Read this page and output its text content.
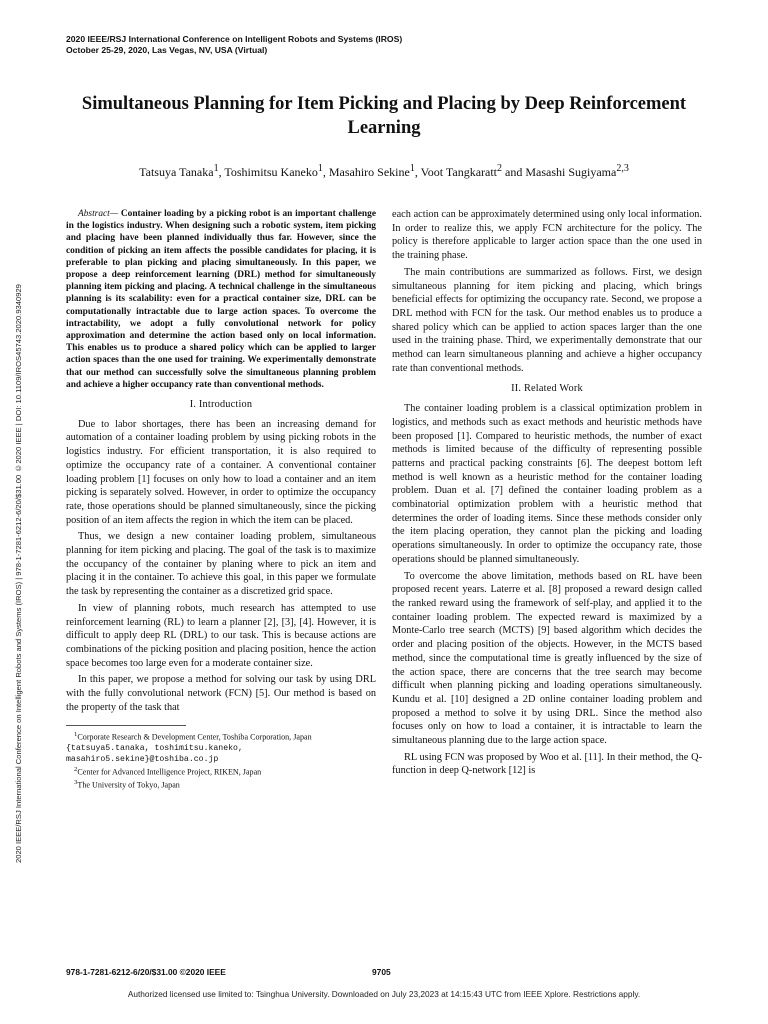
2020 IEEE/RSJ International Conference on Intelligent Robots and Systems (IROS)
October 25-29, 2020, Las Vegas, NV, USA (Virtual)
2020 IEEE/RSJ International Conference on Intelligent Robots and Systems (IROS) | 978-1-7281-6212-6/20/$31.00 ©2020 IEEE | DOI: 10.1109/IROS45743.2020.9340929
Simultaneous Planning for Item Picking and Placing by Deep Reinforcement Learning
Tatsuya Tanaka$^1$, Toshimitsu Kaneko$^1$, Masahiro Sekine$^1$, Voot Tangkaratt$^2$ and Masashi Sugiyama$^{2,3}$

Abstract— Container loading by a picking robot is an important challenge in the logistics industry. When designing such a robotic system, item picking and placing have been planned individually thus far. However, since the condition of picking an item affects the possible candidates for placing, it is preferable to plan picking and placing simultaneously. In this paper, we propose a deep reinforcement learning (DRL) method for simultaneously planning item picking and placing. A technical challenge in the simultaneous planning is its scalability: even for a practical container size, DRL can be computationally intractable due to large action spaces. To overcome the intractability, we adopt a fully convolutional network for policy approximation and determine the action based only on local information. This enables us to produce a shared policy which can be applied to larger action spaces than the one used for training. We experimentally demonstrate that our method can successfully solve the simultaneous planning problem and achieve a higher occupancy rate than conventional methods.

I. Introduction

Due to labor shortages, there has been an increasing demand for automation of a container loading problem by using picking robots in the logistics industry. For efficient transportation, it is also required to optimize the occupancy rate of a container. A conventional container loading problem [1] focuses on only how to load a container and an item picking is separately solved. However, in order to optimize the occupancy rate, those operations should be planned simultaneously, since the picking position of an item affects the region in which the item can be placed.

Thus, we design a new container loading problem, simultaneous planning for item picking and placing. The goal of the task is to maximize the occupancy of the container by planing where to pick an item and placing it in the container. To achieve this goal, in this paper we formulate the task by representing the container as a discretized grid space.

In view of planning robots, much research has attempted to use reinforcement learning (RL) to learn a planner [2], [3], [4]. However, it is difficult to apply deep RL (DRL) to our task. This is because actions are combinations of the picking position and placing position, hence the action space becomes too large even for a moderate container size.

In this paper, we propose a method for solving our task by using DRL with the fully convolutional network (FCN) [5]. Our method is based on the property of the task that

$^1$Corporate Research & Development Center, Toshiba Corporation, Japan {tatsuya5.tanaka, toshimitsu.kaneko, masahiro5.sekine}@toshiba.co.jp
$^2$Center for Advanced Intelligence Project, RIKEN, Japan
$^3$The University of Tokyo, Japan

each action can be approximately determined using only local information. In order to realize this, we apply FCN architecture for the policy. The policy is therefore applicable to larger action space than the one used in the training phase.

The main contributions are summarized as follows. First, we design simultaneous planning for item picking and placing, which brings beneficial effects for optimizing the occupancy rate. Second, we propose a DRL method with FCN for the task. Our method enables us to produce a shared policy which can be applied to action spaces larger than the one used in the training phase. Third, we experimentally demonstrate that our method can learn simultaneous planning and achieve a higher occupancy rate than conventional methods.

II. Related Work

The container loading problem is a classical optimization problem in logistics, and methods such as exact methods and heuristic methods have been proposed [1]. Compared to heuristic methods, the number of exact methods is limited because of the difficulty of representing possible patterns and practical packing constraints [6]. The deepest bottom left method is well known as a heuristic method for the container loading problem. Duan et al. [7] defined the container loading problem as a combinatorial optimization problem with a heuristic method that determines the order of loading items. Since these methods consider only the item placing operation, they cannot plan the picking and loading operations simultaneously. In order to optimize the occupancy rate, those operations should be planned simultaneously.

To overcome the above limitation, methods based on RL have been proposed recent years. Laterre et al. [8] proposed a reward design called the ranked reward using the framework of self-play, and applied it to the container loading problem. The expected reward is maximized by a Monte-Carlo tree search (MCTS) [9] based algorithm which decides the order and placing position of the objects. However, in the MCTS based method, since the computational time is greatly influenced by the size of the action space, there are concerns that the tree search may become difficult when planning picking and loading operations simultaneously. Kundu et al. [10] designed a 2D online container loading problem and proposed a method to solve it by using DRL. Since the method also focuses only on how to load a container, it is intractable to learn the simultaneous planning due to the large action space.

RL using FCN was proposed by Woo et al. [11]. In their method, the Q-function in deep Q-network [12] is

978-1-7281-6212-6/20/$31.00 ©2020 IEEE	9705
Authorized licensed use limited to: Tsinghua University. Downloaded on July 23,2023 at 14:15:43 UTC from IEEE Xplore. Restrictions apply.
